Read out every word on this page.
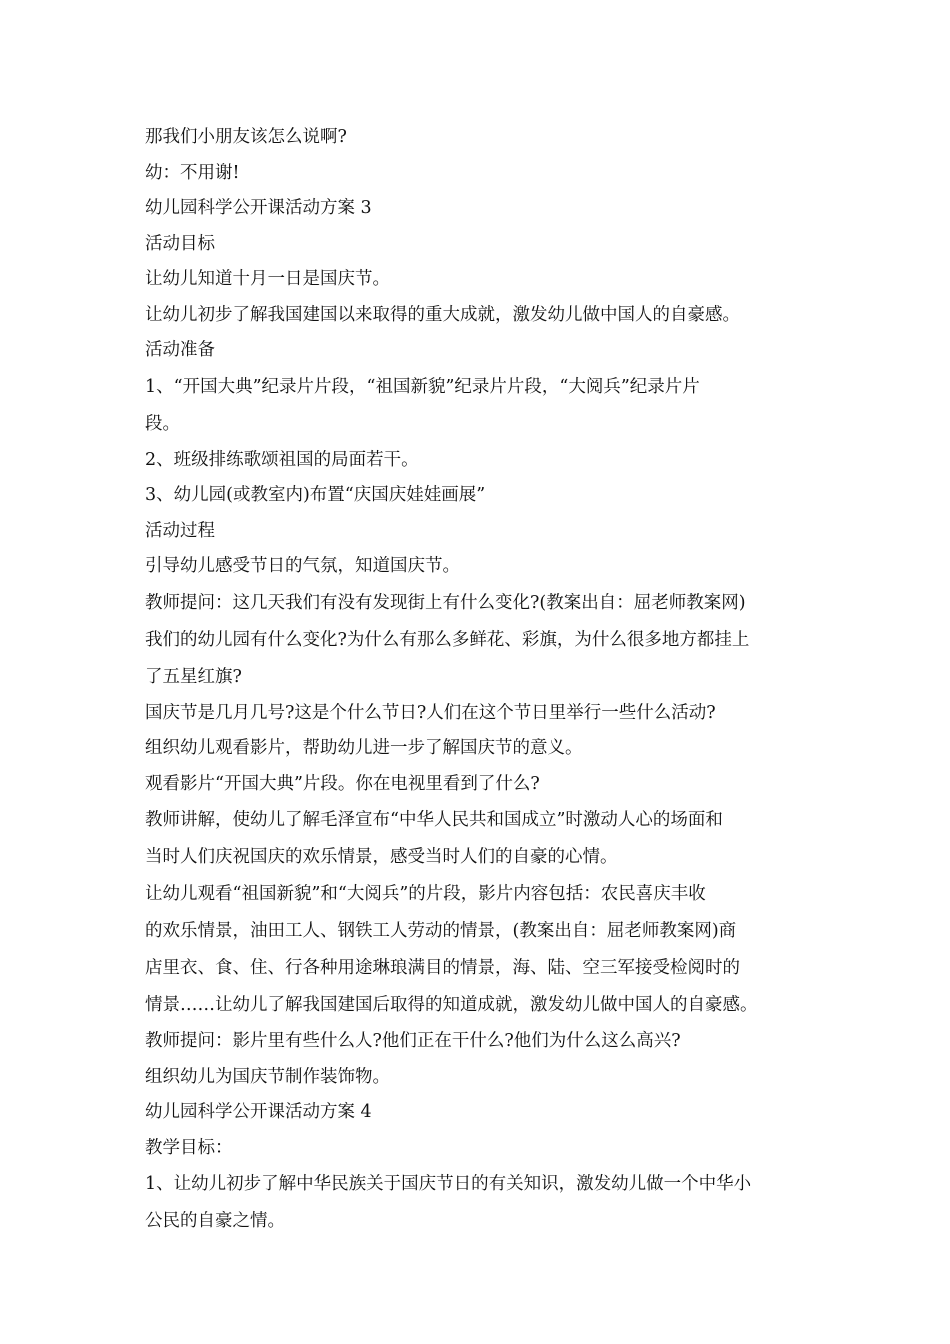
那我们小朋友该怎么说啊?
幼：不用谢!
幼儿园科学公开课活动方案 3
活动目标
让幼儿知道十月一日是国庆节。
让幼儿初步了解我国建国以来取得的重大成就，激发幼儿做中国人的自豪感。
活动准备
1、“开国大典”纪录片片段，“祖国新貌”纪录片片段，“大阅兵”纪录片片
段。
2、班级排练歌颂祖国的局面若干。
3、幼儿园(或教室内)布置“庆国庆娃娃画展”
活动过程
引导幼儿感受节日的气氛，知道国庆节。
教师提问：这几天我们有没有发现街上有什么变化?(教案出自：屈老师教案网)
我们的幼儿园有什么变化?为什么有那么多鲜花、彩旗，为什么很多地方都挂上
了五星红旗?
国庆节是几月几号?这是个什么节日?人们在这个节日里举行一些什么活动?
组织幼儿观看影片，帮助幼儿进一步了解国庆节的意义。
观看影片“开国大典”片段。你在电视里看到了什么?
教师讲解，使幼儿了解毛泽宣布“中华人民共和国成立”时激动人心的场面和
当时人们庆祝国庆的欢乐情景，感受当时人们的自豪的心情。
让幼儿观看“祖国新貌”和“大阅兵”的片段，影片内容包括：农民喜庆丰收
的欢乐情景，油田工人、钢铁工人劳动的情景，(教案出自：屈老师教案网)商
店里衣、食、住、行各种用途琳琅满目的情景，海、陆、空三军接受检阅时的
情景……让幼儿了解我国建国后取得的知道成就，激发幼儿做中国人的自豪感。
教师提问：影片里有些什么人?他们正在干什么?他们为什么这么高兴?
组织幼儿为国庆节制作装饰物。
幼儿园科学公开课活动方案 4
教学目标：
1、让幼儿初步了解中华民族关于国庆节日的有关知识，激发幼儿做一个中华小
公民的自豪之情。
